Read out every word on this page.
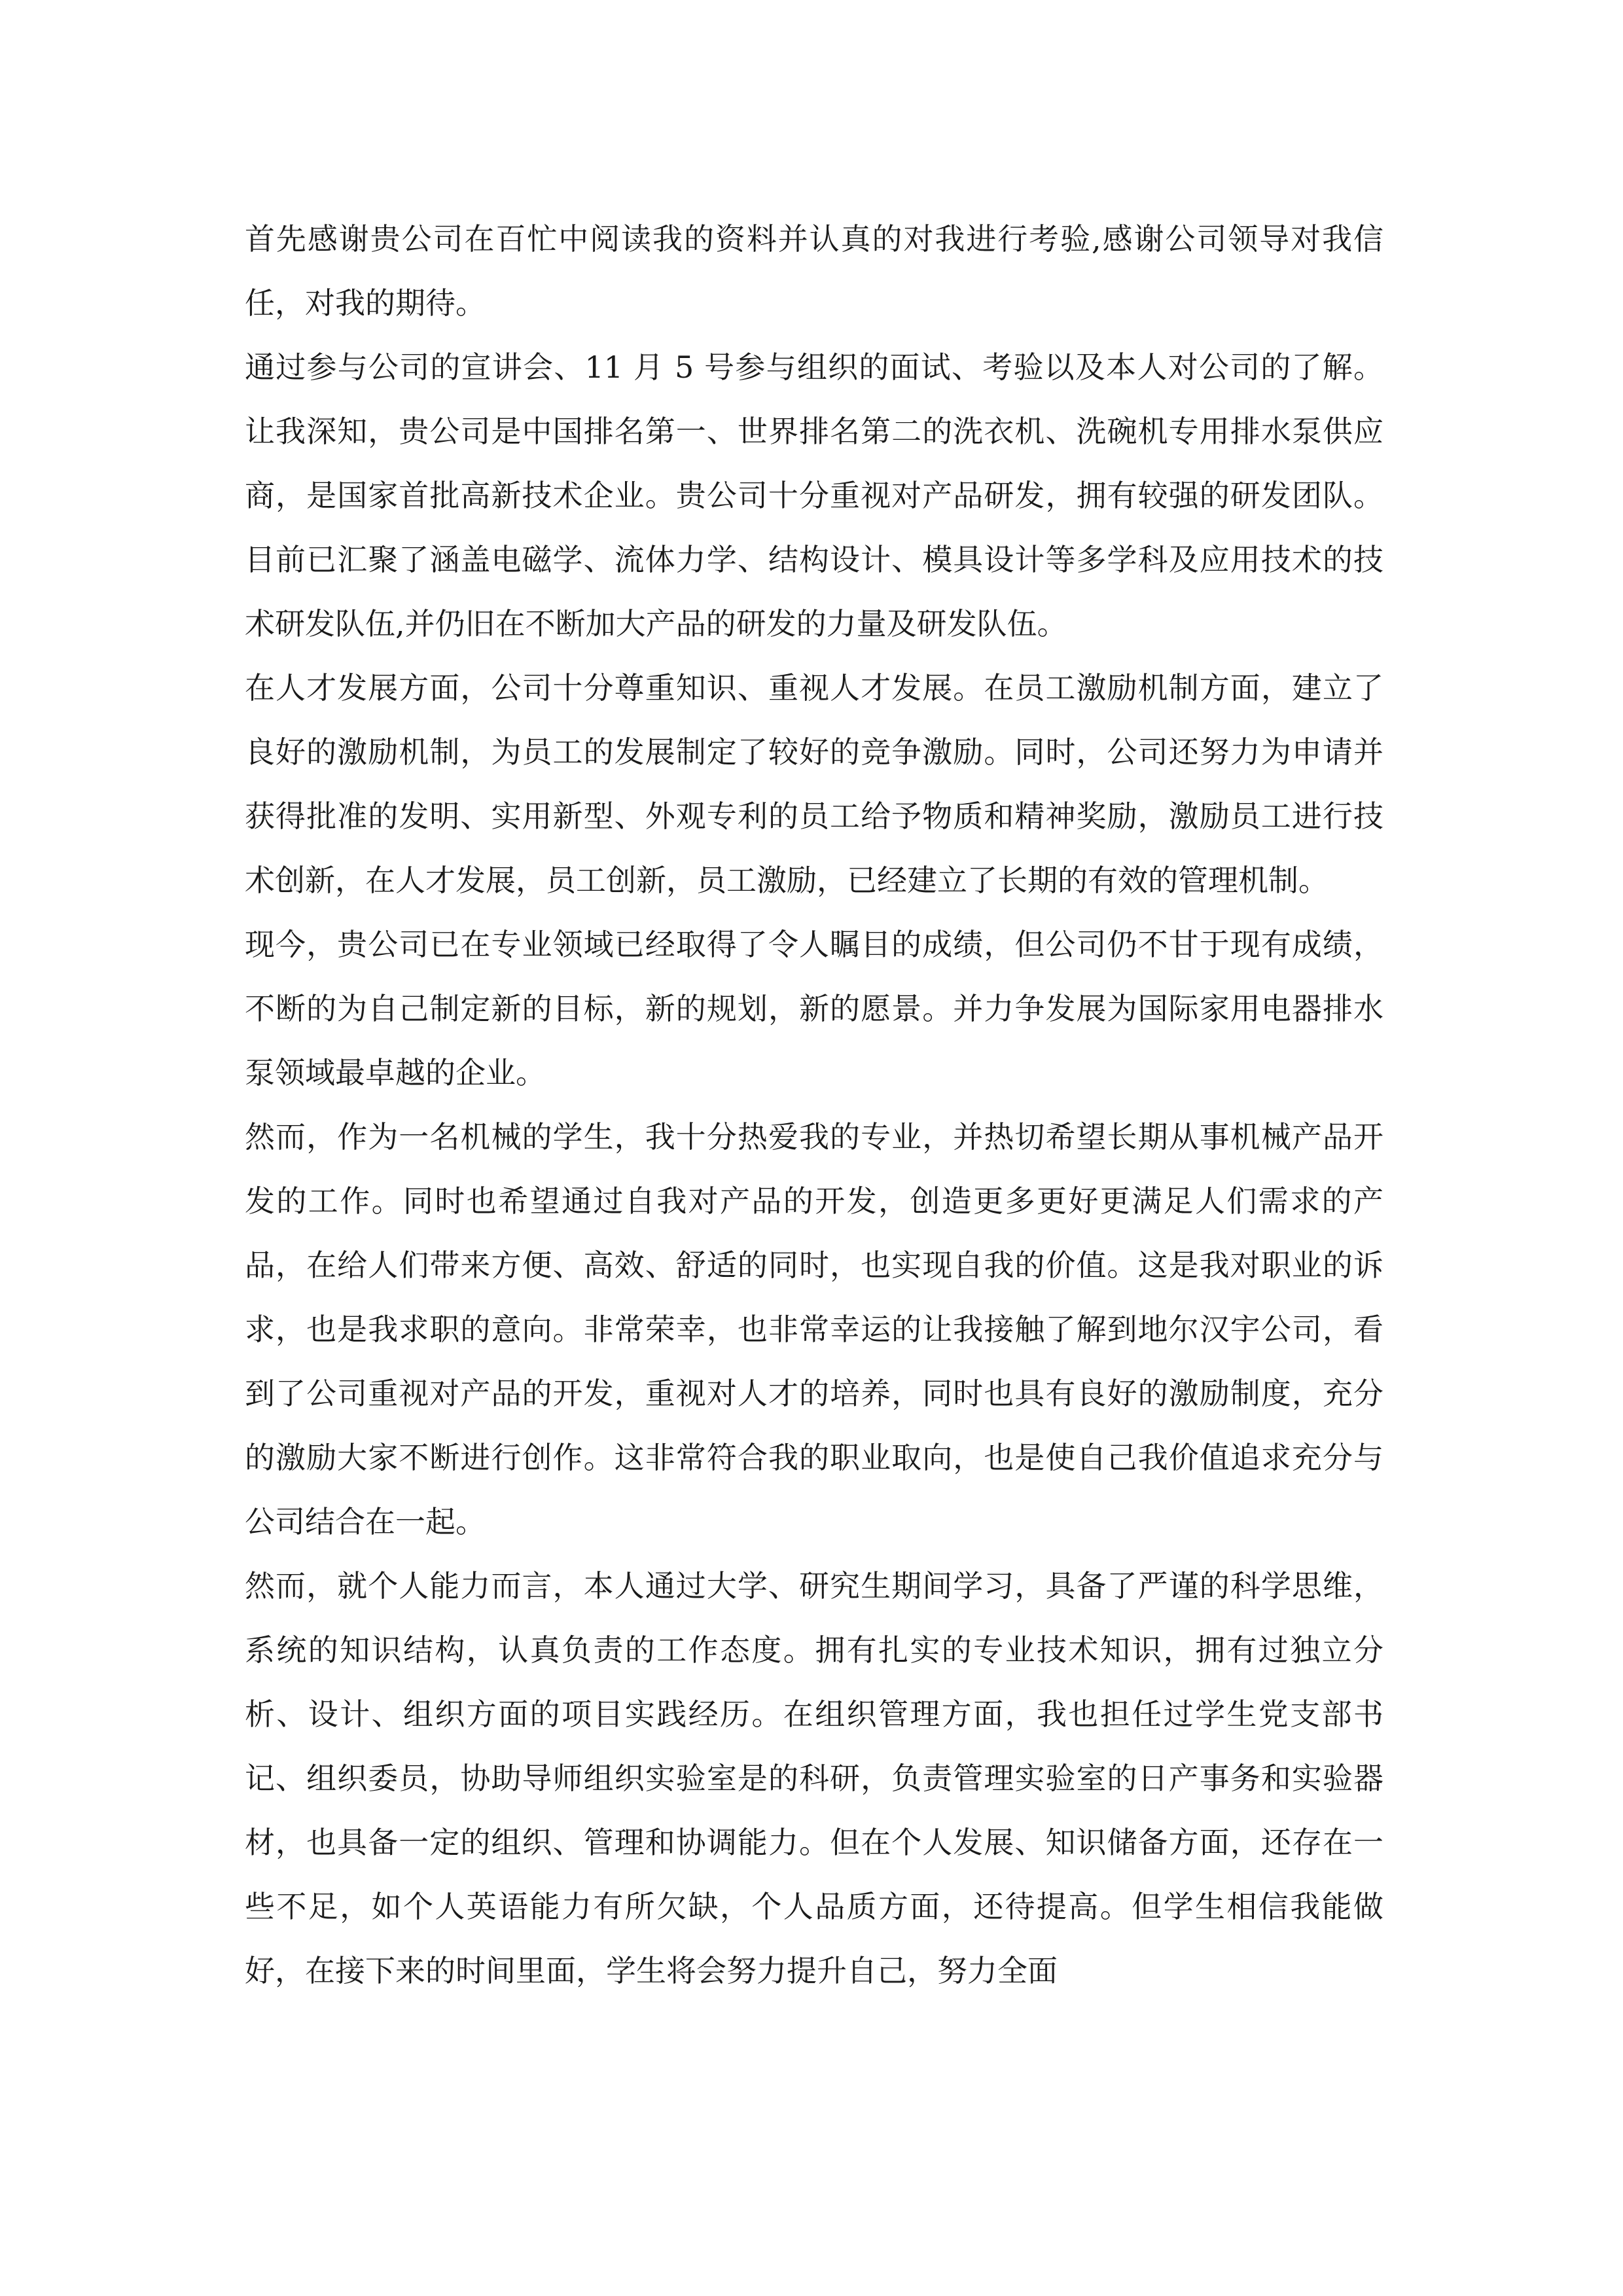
首先感谢贵公司在百忙中阅读我的资料并认真的对我进行考验,感谢公司领导对我信任，对我的期待。

通过参与公司的宣讲会、11 月 5 号参与组织的面试、考验以及本人对公司的了解。让我深知，贵公司是中国排名第一、世界排名第二的洗衣机、洗碗机专用排水泵供应商，是国家首批高新技术企业。贵公司十分重视对产品研发，拥有较强的研发团队。目前已汇聚了涵盖电磁学、流体力学、结构设计、模具设计等多学科及应用技术的技术研发队伍,并仍旧在不断加大产品的研发的力量及研发队伍。

在人才发展方面，公司十分尊重知识、重视人才发展。在员工激励机制方面，建立了良好的激励机制，为员工的发展制定了较好的竞争激励。同时，公司还努力为申请并获得批准的发明、实用新型、外观专利的员工给予物质和精神奖励，激励员工进行技术创新，在人才发展，员工创新，员工激励，已经建立了长期的有效的管理机制。

现今，贵公司已在专业领域已经取得了令人瞩目的成绩，但公司仍不甘于现有成绩，不断的为自己制定新的目标，新的规划，新的愿景。并力争发展为国际家用电器排水泵领域最卓越的企业。

然而，作为一名机械的学生，我十分热爱我的专业，并热切希望长期从事机械产品开发的工作。同时也希望通过自我对产品的开发，创造更多更好更满足人们需求的产品，在给人们带来方便、高效、舒适的同时，也实现自我的价值。这是我对职业的诉求，也是我求职的意向。非常荣幸，也非常幸运的让我接触了解到地尔汉宇公司，看到了公司重视对产品的开发，重视对人才的培养，同时也具有良好的激励制度，充分的激励大家不断进行创作。这非常符合我的职业取向，也是使自己我价值追求充分与公司结合在一起。

然而，就个人能力而言，本人通过大学、研究生期间学习，具备了严谨的科学思维，系统的知识结构，认真负责的工作态度。拥有扎实的专业技术知识，拥有过独立分析、设计、组织方面的项目实践经历。在组织管理方面，我也担任过学生党支部书记、组织委员，协助导师组织实验室是的科研，负责管理实验室的日产事务和实验器材，也具备一定的组织、管理和协调能力。但在个人发展、知识储备方面，还存在一些不足，如个人英语能力有所欠缺，个人品质方面，还待提高。但学生相信我能做好，在接下来的时间里面，学生将会努力提升自己，努力全面
